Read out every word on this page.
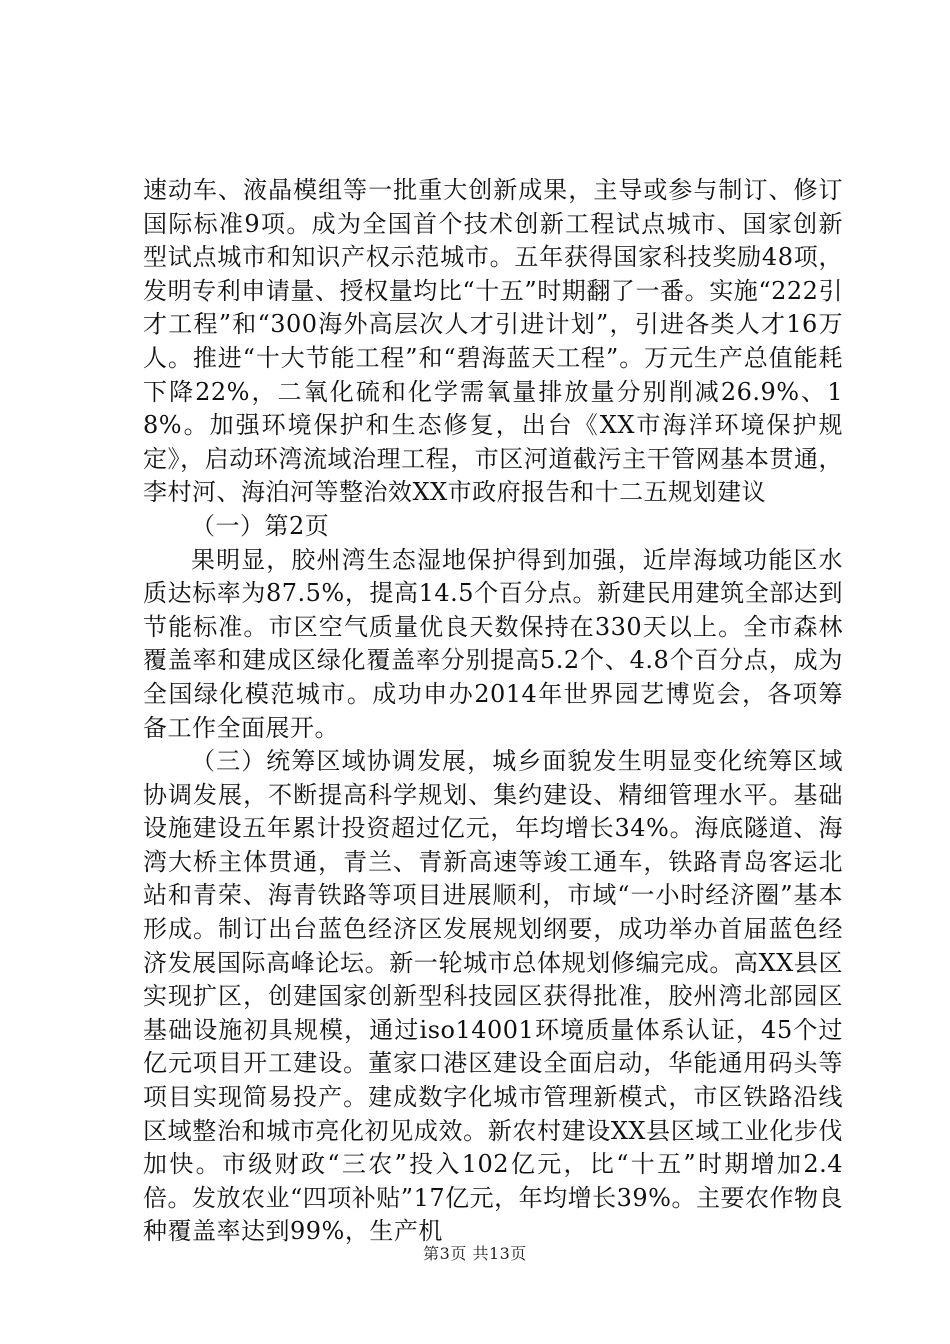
速动车、液晶模组等一批重大创新成果，主导或参与制订、修订国际标准9项。成为全国首个技术创新工程试点城市、国家创新型试点城市和知识产权示范城市。五年获得国家科技奖励48项，发明专利申请量、授权量均比“十五”时期翻了一番。实施“222引才工程”和“300海外高层次人才引进计划”，引进各类人才16万人。推进“十大节能工程”和“碧海蓝天工程”。万元生产总值能耗下降22%，二氧化硫和化学需氧量排放量分别削减26.9%、18%。加强环境保护和生态修复，出台《XX市海洋环境保护规定》，启动环湾流域治理工程，市区河道截污主干管网基本贯通，李村河、海泊河等整治效XX市政府报告和十二五规划建议

（一）第2页

果明显，胶州湾生态湿地保护得到加强，近岸海域功能区水质达标率为87.5%，提高14.5个百分点。新建民用建筑全部达到节能标准。市区空气质量优良天数保持在330天以上。全市森林覆盖率和建成区绿化覆盖率分别提高5.2个、4.8个百分点，成为全国绿化模范城市。成功申办2014年世界园艺博览会，各项筹备工作全面展开。

（三）统筹区域协调发展，城乡面貌发生明显变化统筹区域协调发展，不断提高科学规划、集约建设、精细管理水平。基础设施建设五年累计投资超过亿元，年均增长34%。海底隧道、海湾大桥主体贯通，青兰、青新高速等竣工通车，铁路青岛客运北站和青荣、海青铁路等项目进展顺利，市域“一小时经济圈”基本形成。制订出台蓝色经济区发展规划纲要，成功举办首届蓝色经济发展国际高峰论坛。新一轮城市总体规划修编完成。高XX县区实现扩区，创建国家创新型科技园区获得批准，胶州湾北部园区基础设施初具规模，通过iso14001环境质量体系认证，45个过亿元项目开工建设。董家口港区建设全面启动，华能通用码头等项目实现简易投产。建成数字化城市管理新模式，市区铁路沿线区域整治和城市亮化初见成效。新农村建设XX县区域工业化步伐加快。市级财政“三农”投入102亿元，比“十五”时期增加2.4倍。发放农业“四项补贴”17亿元，年均增长39%。主要农作物良种覆盖率达到99%，生产机

第3页 共13页
